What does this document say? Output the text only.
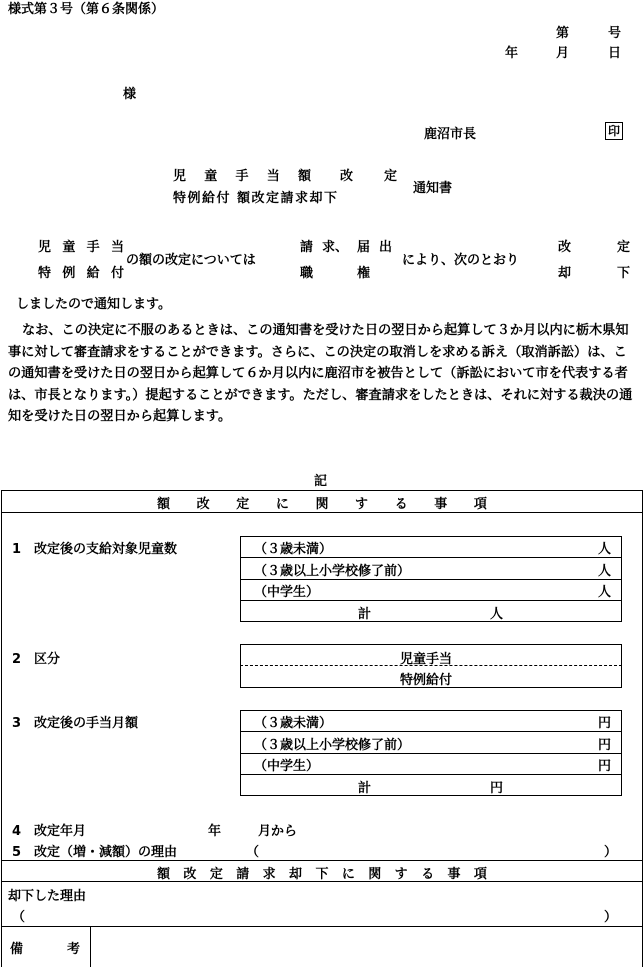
様式第３号（第６条関係）
第	号
年	月	日
様
鹿沼市長	印
児 童 手 当 額 改 定
特例給付 額改定請求却下
通知書
児 童 手 当
特 例 給 付
の額の改定については
請 求、 届 出
職	権
により、次のとおり
改	定
却	下
しましたので通知します。
なお、この決定に不服のあるときは、この通知書を受けた日の翌日から起算して３か月以内に栃木県知事に対して審査請求をすることができます。さらに、この決定の取消しを求める訴え（取消訴訟）は、この通知書を受けた日の翌日から起算して６か月以内に鹿沼市を被告として（訴訟において市を代表する者は、市長となります。）提起することができます。ただし、審査請求をしたときは、それに対する裁決の通知を受けた日の翌日から起算します。
記
額 改 定 に 関 す る 事 項
1　改定後の支給対象児童数	（３歳未満）	人
（３歳以上小学校修了前）	人
（中学生）	人
計	人
2　区分	児童手当
特例給付
3　改定後の手当月額	（３歳未満）	円
（３歳以上小学校修了前）	円
（中学生）	円
計	円
4　改定年月	年	月から
5　改定（増・減額）の理由	（	）
額 改 定 請 求 却 下 に 関 す る 事 項
却下した理由
（	）
備	考
